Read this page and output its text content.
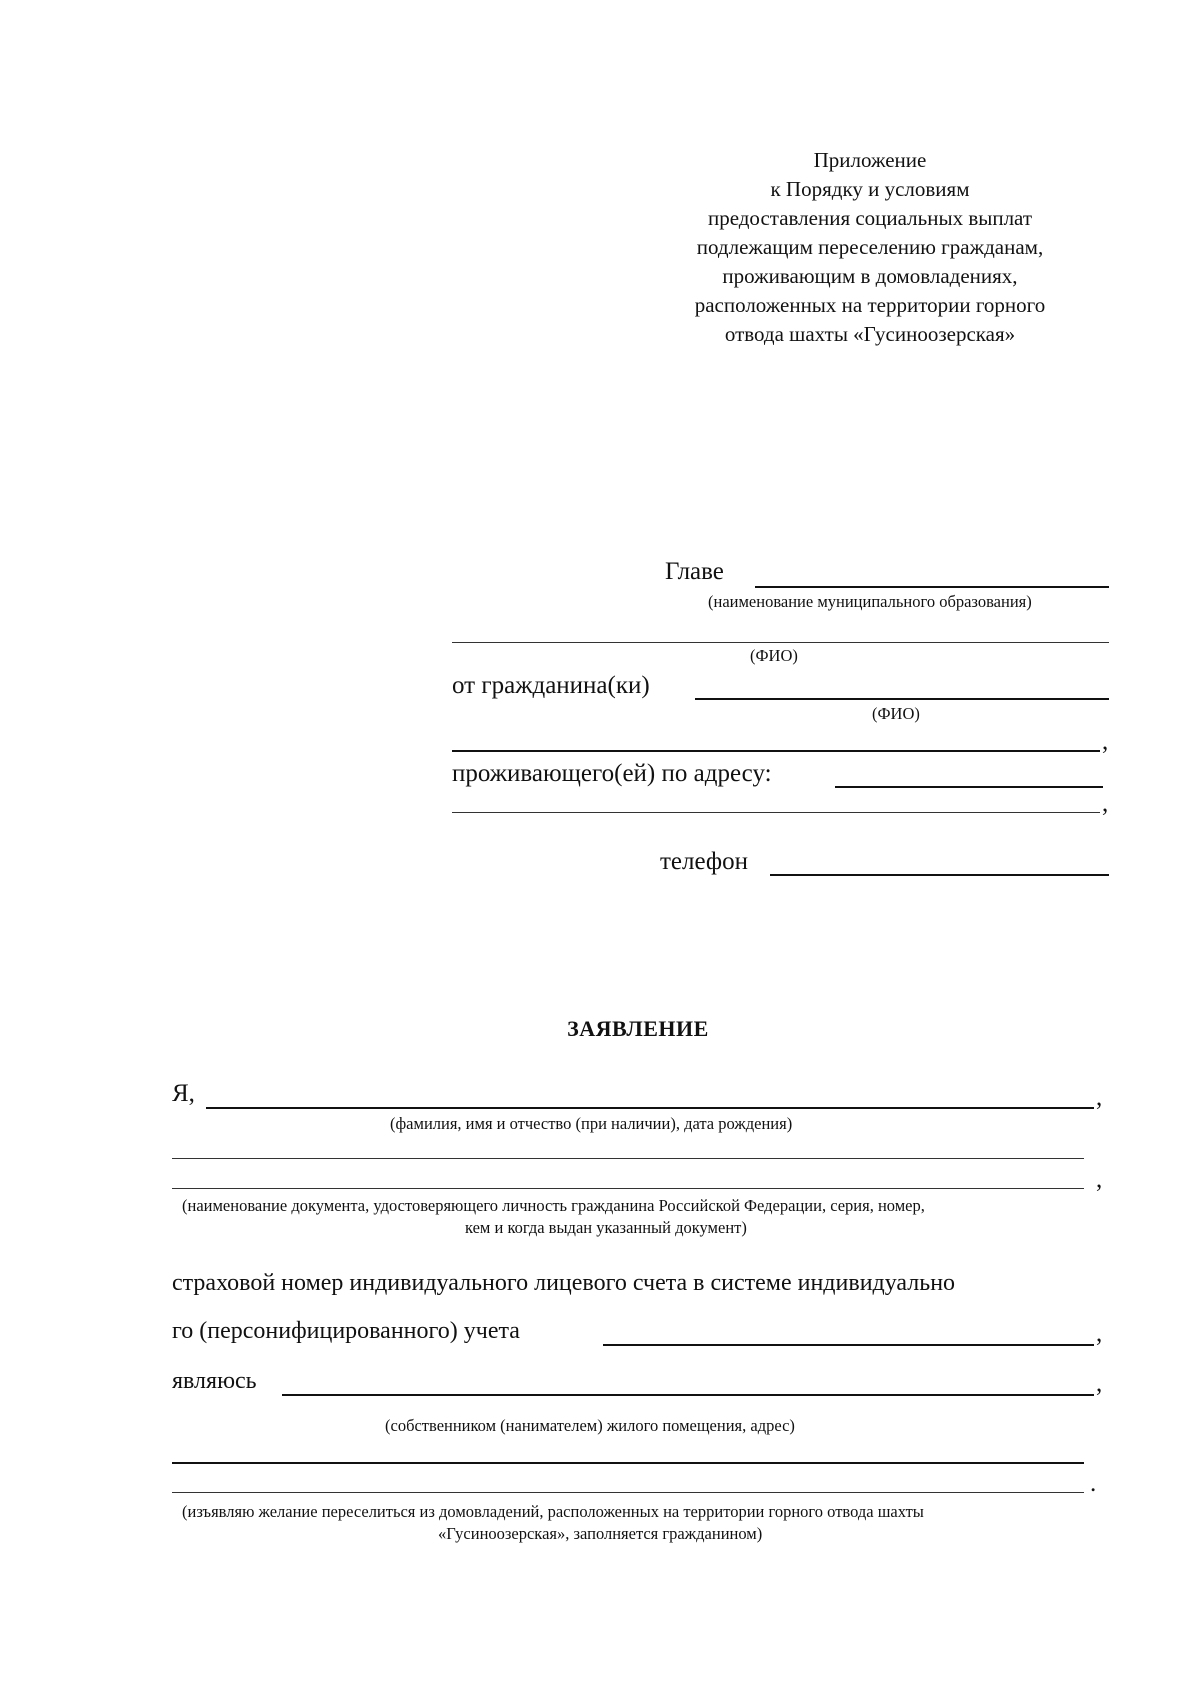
Приложение
к Порядку и условиям
предоставления социальных выплат
подлежащим переселению гражданам,
проживающим в домовладениях,
расположенных на территории горного
отвода шахты «Гусиноозерская»
Главе
(наименование муниципального образования)
(ФИО)
от гражданина(ки)
(ФИО)
,
проживающего(ей) по адресу:
,
телефон
ЗАЯВЛЕНИЕ
Я,	,
(фамилия, имя и отчество (при наличии), дата рождения)
,
(наименование документа, удостоверяющего личность гражданина Российской Федерации, серия, номер,
кем и когда выдан указанный документ)
страховой номер индивидуального лицевого счета в системе индивидуально
го (персонифицированного) учета	,
являюсь	,
(собственником (нанимателем) жилого помещения, адрес)
.
(изъявляю желание переселиться из домовладений, расположенных на территории горного отвода шахты
«Гусиноозерская», заполняется гражданином)
